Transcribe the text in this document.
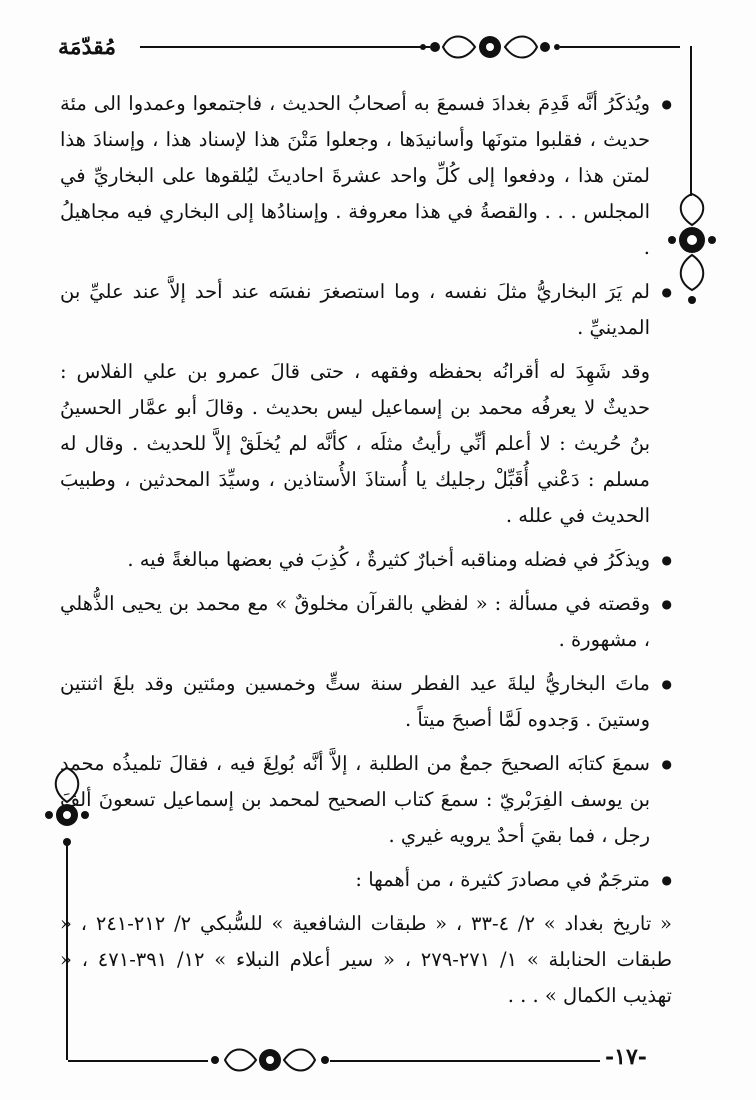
مُقدّمَة

● ويُذكَرُ أنَّه قَدِمَ بغدادَ فسمعَ به أصحابُ الحديث ، فاجتمعوا وعمدوا الى مئة حديث ، فقلبوا متونَها وأسانيدَها ، وجعلوا مَتْنَ هذا لإسناد هذا ، وإسنادَ هذا لمتن هذا ، ودفعوا إلى كُلِّ واحد عشرةَ احاديثَ ليُلقوها على البخاريِّ في المجلس . . . والقصةُ في هذا معروفة . وإسنادُها إلى البخاري فيه مجاهيلُ .

● لم يَرَ البخاريُّ مثلَ نفسه ، وما استصغرَ نفسَه عند أحد إلاَّ عند عليِّ بن المدينيِّ .

وقد شَهِدَ له أقرانُه بحفظه وفقهه ، حتى قالَ عمرو بن علي الفلاس : حديثٌ لا يعرفُه محمد بن إسماعيل ليس بحديث . وقالَ أبو عمَّار الحسينُ بنُ حُريث : لا أعلم أنِّي رأيتُ مثلَه ، كأنَّه لم يُخلَقْ إلاَّ للحديث . وقال له مسلم : دَعْني أُقَبِّلْ رجليك يا أُستاذَ الأُستاذين ، وسيِّدَ المحدثين ، وطبيبَ الحديث في علله .

● ويذكَرُ في فضله ومناقبه أخبارٌ كثيرةٌ ، كُذِبَ في بعضها مبالغةً فيه .

● وقصته في مسألة : « لفظي بالقرآن مخلوقٌ » مع محمد بن يحيى الذُّهلي ، مشهورة .

● ماتَ البخاريُّ ليلةَ عيد الفطر سنة ستٍّ وخمسين ومئتين وقد بلغَ اثنتين وستينَ . وَجدوه لَمَّا أصبحَ ميتاً .

● سمعَ كتابَه الصحيحَ جمعٌ من الطلبة ، إلاَّ أنَّه بُولِغَ فيه ، فقالَ تلميذُه محمد بن يوسف الفِرَبْريّ : سمعَ كتاب الصحيح لمحمد بن إسماعيل تسعونَ ألفَ رجل ، فما بقيَ أحدٌ يرويه غيري .

● مترجَمٌ في مصادرَ كثيرة ، من أهمها :

« تاريخ بغداد » ٢/ ٤-٣٣ ، « طبقات الشافعية » للسُّبكي ٢/ ٢١٢-٢٤١ ، « طبقات الحنابلة » ١/ ٢٧١-٢٧٩ ، « سير أعلام النبلاء » ١٢/ ٣٩١-٤٧١ ، « تهذيب الكمال » . . .

-١٧-
